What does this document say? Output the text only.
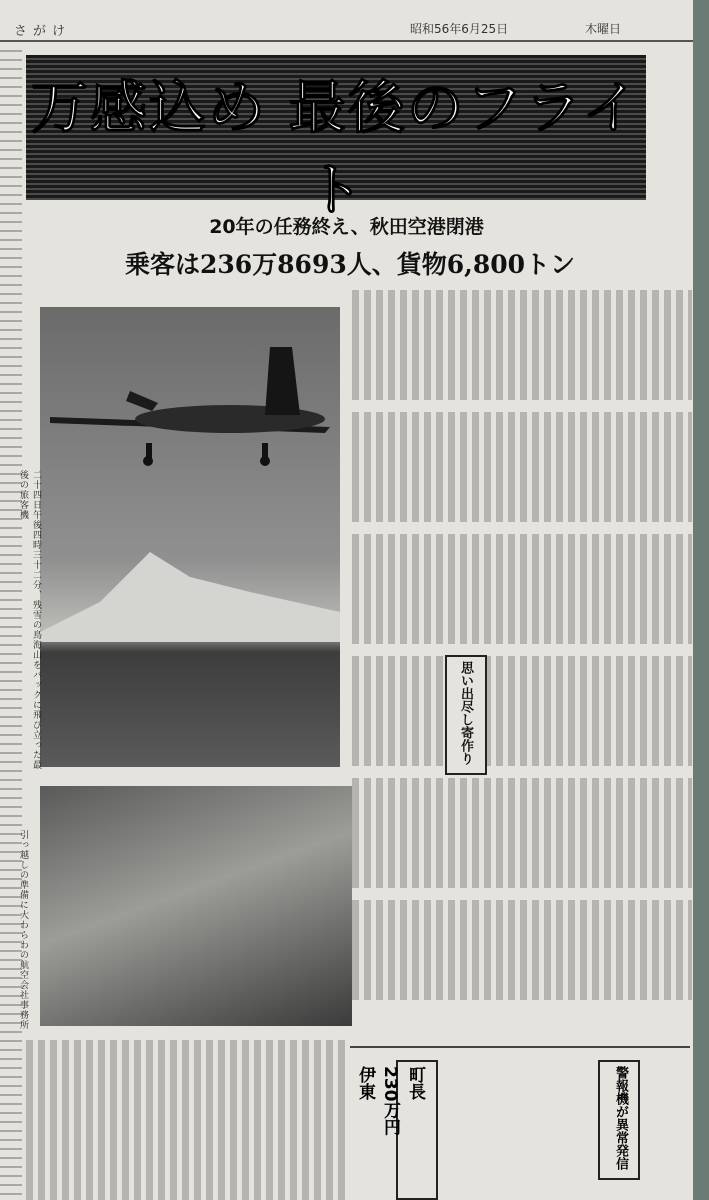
さがけ	昭和56年6月25日	木曜日
万感込め 最後のフライト
20年の任務終え、秋田空港閉港
乗客は236万8693人、貨物6,800トン
二十四日午後四時三十二分、残雪の鳥海山をバックに飛び立った最後の旅客機
引っ越しの準備に大わらわの航空会社事務所
思い出尽し寄作り
町長
230万円
伊東	警報機が異常発信
